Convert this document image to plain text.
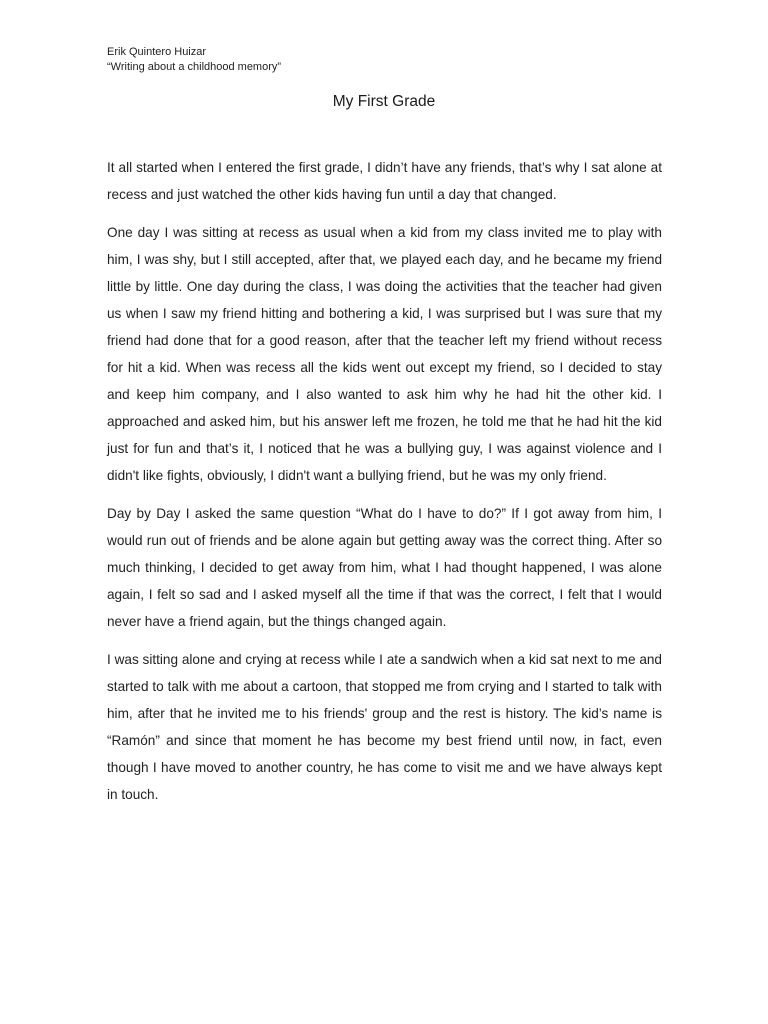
Erik Quintero Huizar
“Writing about a childhood memory”
My First Grade

It all started when I entered the first grade, I didn’t have any friends, that’s why I sat alone at recess and just watched the other kids having fun until a day that changed.

One day I was sitting at recess as usual when a kid from my class invited me to play with him, I was shy, but I still accepted, after that, we played each day, and he became my friend little by little. One day during the class, I was doing the activities that the teacher had given us when I saw my friend hitting and bothering a kid, I was surprised but I was sure that my friend had done that for a good reason, after that the teacher left my friend without recess for hit a kid. When was recess all the kids went out except my friend, so I decided to stay and keep him company, and I also wanted to ask him why he had hit the other kid. I approached and asked him, but his answer left me frozen, he told me that he had hit the kid just for fun and that’s it, I noticed that he was a bullying guy, I was against violence and I didn't like fights, obviously, I didn't want a bullying friend, but he was my only friend.

Day by Day I asked the same question “What do I have to do?” If I got away from him, I would run out of friends and be alone again but getting away was the correct thing. After so much thinking, I decided to get away from him, what I had thought happened, I was alone again, I felt so sad and I asked myself all the time if that was the correct, I felt that I would never have a friend again, but the things changed again.

I was sitting alone and crying at recess while I ate a sandwich when a kid sat next to me and started to talk with me about a cartoon, that stopped me from crying and I started to talk with him, after that he invited me to his friends' group and the rest is history. The kid’s name is “Ramón” and since that moment he has become my best friend until now, in fact, even though I have moved to another country, he has come to visit me and we have always kept in touch.
